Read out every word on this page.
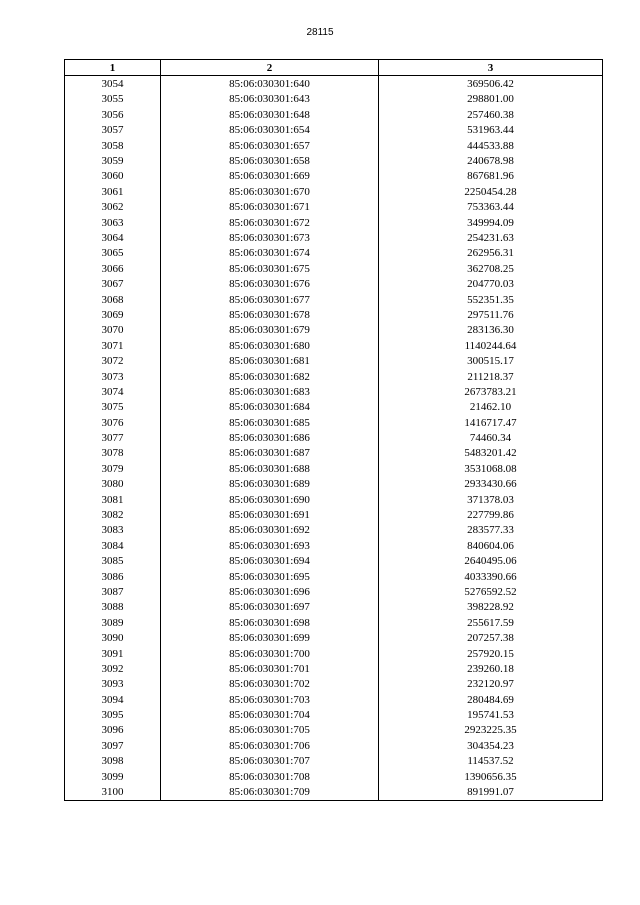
28115
1	2	3
3054	85:06:030301:640	369506.42
3055	85:06:030301:643	298801.00
3056	85:06:030301:648	257460.38
3057	85:06:030301:654	531963.44
3058	85:06:030301:657	444533.88
3059	85:06:030301:658	240678.98
3060	85:06:030301:669	867681.96
3061	85:06:030301:670	2250454.28
3062	85:06:030301:671	753363.44
3063	85:06:030301:672	349994.09
3064	85:06:030301:673	254231.63
3065	85:06:030301:674	262956.31
3066	85:06:030301:675	362708.25
3067	85:06:030301:676	204770.03
3068	85:06:030301:677	552351.35
3069	85:06:030301:678	297511.76
3070	85:06:030301:679	283136.30
3071	85:06:030301:680	1140244.64
3072	85:06:030301:681	300515.17
3073	85:06:030301:682	211218.37
3074	85:06:030301:683	2673783.21
3075	85:06:030301:684	21462.10
3076	85:06:030301:685	1416717.47
3077	85:06:030301:686	74460.34
3078	85:06:030301:687	5483201.42
3079	85:06:030301:688	3531068.08
3080	85:06:030301:689	2933430.66
3081	85:06:030301:690	371378.03
3082	85:06:030301:691	227799.86
3083	85:06:030301:692	283577.33
3084	85:06:030301:693	840604.06
3085	85:06:030301:694	2640495.06
3086	85:06:030301:695	4033390.66
3087	85:06:030301:696	5276592.52
3088	85:06:030301:697	398228.92
3089	85:06:030301:698	255617.59
3090	85:06:030301:699	207257.38
3091	85:06:030301:700	257920.15
3092	85:06:030301:701	239260.18
3093	85:06:030301:702	232120.97
3094	85:06:030301:703	280484.69
3095	85:06:030301:704	195741.53
3096	85:06:030301:705	2923225.35
3097	85:06:030301:706	304354.23
3098	85:06:030301:707	114537.52
3099	85:06:030301:708	1390656.35
3100	85:06:030301:709	891991.07
